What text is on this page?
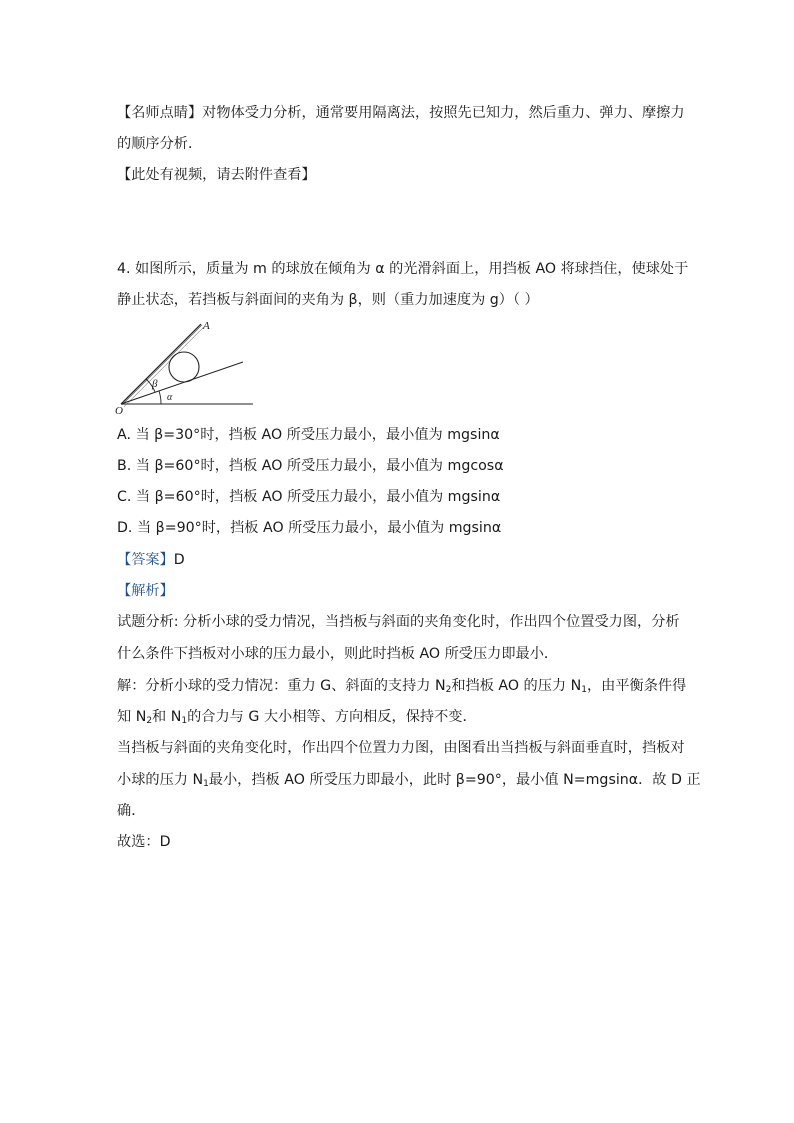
【名师点睛】对物体受力分析，通常要用隔离法，按照先已知力，然后重力、弹力、摩擦力
的顺序分析．
【此处有视频，请去附件查看】
4. 如图所示，质量为 m 的球放在倾角为 α 的光滑斜面上，用挡板 AO 将球挡住，使球处于
静止状态，若挡板与斜面间的夹角为 β，则（重力加速度为 g）（ ）
A
O
β
α
A. 当 β=30°时，挡板 AO 所受压力最小，最小值为 mgsinα
B. 当 β=60°时，挡板 AO 所受压力最小，最小值为 mgcosα
C. 当 β=60°时，挡板 AO 所受压力最小，最小值为 mgsinα
D. 当 β=90°时，挡板 AO 所受压力最小，最小值为 mgsinα
【答案】D
【解析】
试题分析: 分析小球的受力情况，当挡板与斜面的夹角变化时，作出四个位置受力图，分析
什么条件下挡板对小球的压力最小，则此时挡板 AO 所受压力即最小．
解：分析小球的受力情况：重力 G、斜面的支持力 $N_2$和挡板 AO 的压力 $N_1$，由平衡条件得
知 $N_2$和 $N_1$的合力与 G 大小相等、方向相反，保持不变．
当挡板与斜面的夹角变化时，作出四个位置力力图，由图看出当挡板与斜面垂直时，挡板对
小球的压力 $N_1$最小，挡板 AO 所受压力即最小，此时 β=90°，最小值 N=mgsinα．故 D 正
确．
故选：D
